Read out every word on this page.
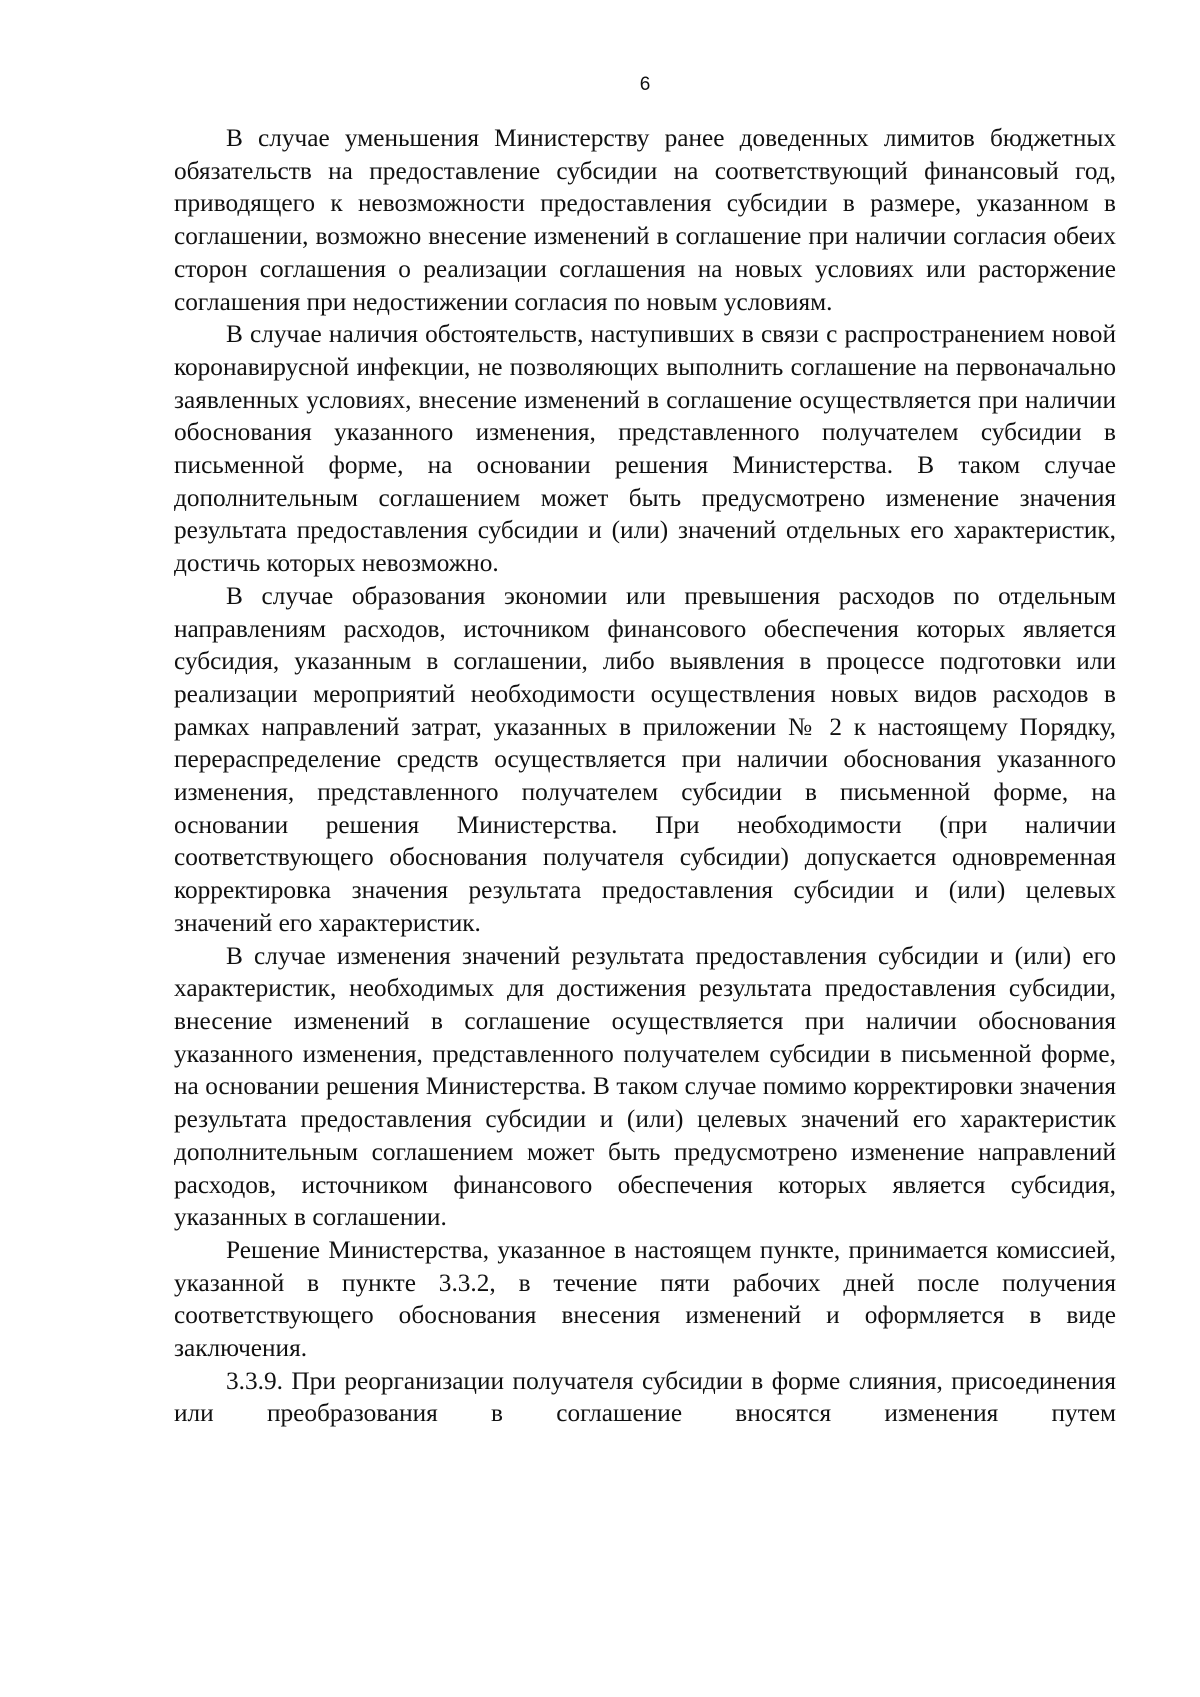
6

В случае уменьшения Министерству ранее доведенных лимитов бюджетных обязательств на предоставление субсидии на соответствующий финансовый год, приводящего к невозможности предоставления субсидии в размере, указанном в соглашении, возможно внесение изменений в соглашение при наличии согласия обеих сторон соглашения о реализации соглашения на новых условиях или расторжение соглашения при недостижении согласия по новым условиям.

В случае наличия обстоятельств, наступивших в связи с распространением новой коронавирусной инфекции, не позволяющих выполнить соглашение на первоначально заявленных условиях, внесение изменений в соглашение осуществляется при наличии обоснования указанного изменения, представленного получателем субсидии в письменной форме, на основании решения Министерства. В таком случае дополнительным соглашением может быть предусмотрено изменение значения результата предоставления субсидии и (или) значений отдельных его характеристик, достичь которых невозможно.

В случае образования экономии или превышения расходов по отдельным направлениям расходов, источником финансового обеспечения которых является субсидия, указанным в соглашении, либо выявления в процессе подготовки или реализации мероприятий необходимости осуществления новых видов расходов в рамках направлений затрат, указанных в приложении № 2 к настоящему Порядку, перераспределение средств осуществляется при наличии обоснования указанного изменения, представленного получателем субсидии в письменной форме, на основании решения Министерства. При необходимости (при наличии соответствующего обоснования получателя субсидии) допускается одновременная корректировка значения результата предоставления субсидии и (или) целевых значений его характеристик.

В случае изменения значений результата предоставления субсидии и (или) его характеристик, необходимых для достижения результата предоставления субсидии, внесение изменений в соглашение осуществляется при наличии обоснования указанного изменения, представленного получателем субсидии в письменной форме, на основании решения Министерства. В таком случае помимо корректировки значения результата предоставления субсидии и (или) целевых значений его характеристик дополнительным соглашением может быть предусмотрено изменение направлений расходов, источником финансового обеспечения которых является субсидия, указанных в соглашении.

Решение Министерства, указанное в настоящем пункте, принимается комиссией, указанной в пункте 3.3.2, в течение пяти рабочих дней после получения соответствующего обоснования внесения изменений и оформляется в виде заключения.

3.3.9. При реорганизации получателя субсидии в форме слияния, присоединения или преобразования в соглашение вносятся изменения путем
